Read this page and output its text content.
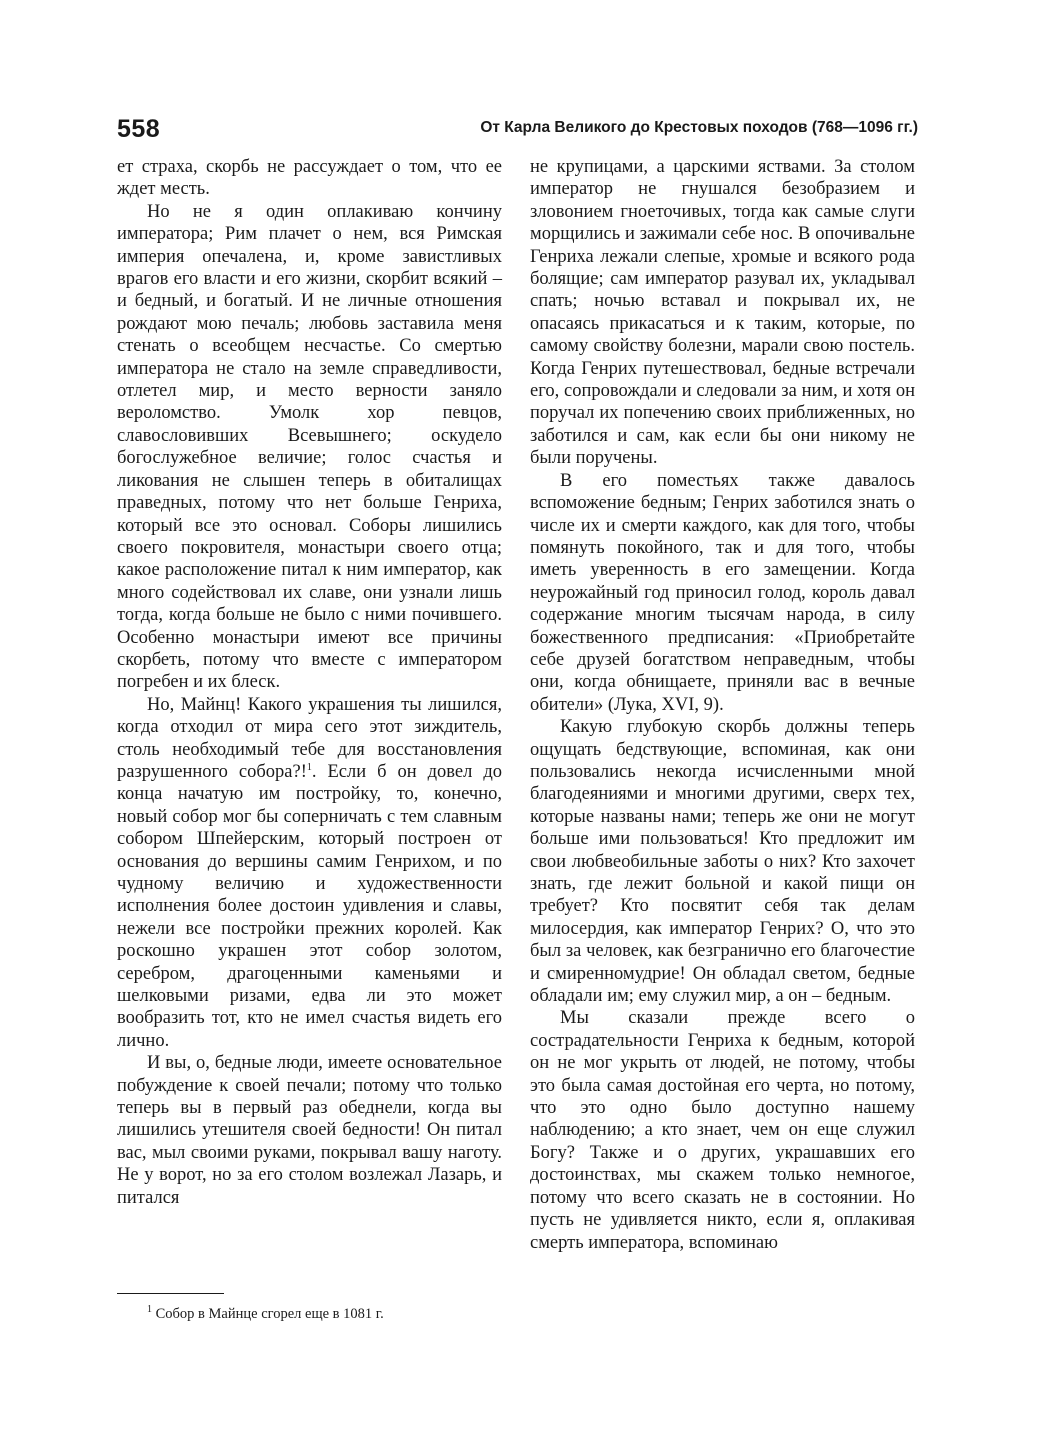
558	От Карла Великого до Крестовых походов (768—1096 гг.)

ет страха, скорбь не рассуждает о том, что ее ждет месть.

Но не я один оплакиваю кончину императора; Рим плачет о нем, вся Римская империя опечалена, и, кроме завистливых врагов его власти и его жизни, скорбит всякий – и бедный, и богатый. И не личные отношения рождают мою печаль; любовь заставила меня стенать о всеобщем несчастье. Со смертью императора не стало на земле справедливости, отлетел мир, и место верности заняло вероломство. Умолк хор певцов, славословивших Всевышнего; оскудело богослужебное величие; голос счастья и ликования не слышен теперь в обиталищах праведных, потому что нет больше Генриха, который все это основал. Соборы лишились своего покровителя, монастыри своего отца; какое расположение питал к ним император, как много содействовал их славе, они узнали лишь тогда, когда больше не было с ними почившего. Особенно монастыри имеют все причины скорбеть, потому что вместе с императором погребен и их блеск.

Но, Майнц! Какого украшения ты лишился, когда отходил от мира сего этот зиждитель, столь необходимый тебе для восстановления разрушенного собора?!$^1$. Если б он довел до конца начатую им постройку, то, конечно, новый собор мог бы соперничать с тем славным собором Шпейерским, который построен от основания до вершины самим Генрихом, и по чудному величию и художественности исполнения более достоин удивления и славы, нежели все постройки прежних королей. Как роскошно украшен этот собор золотом, серебром, драгоценными каменьями и шелковыми ризами, едва ли это может вообразить тот, кто не имел счастья видеть его лично.

И вы, о, бедные люди, имеете основательное побуждение к своей печали; потому что только теперь вы в первый раз обеднели, когда вы лишились утешителя своей бедности! Он питал вас, мыл своими руками, покрывал вашу наготу. Не у ворот, но за его столом возлежал Лазарь, и питался

не крупицами, а царскими яствами. За столом император не гнушался безобразием и зловонием гноеточивых, тогда как самые слуги морщились и зажимали себе нос. В опочивальне Генриха лежали слепые, хромые и всякого рода болящие; сам император разувал их, укладывал спать; ночью вставал и покрывал их, не опасаясь прикасаться и к таким, которые, по самому свойству болезни, марали свою постель. Когда Генрих путешествовал, бедные встречали его, сопровождали и следовали за ним, и хотя он поручал их попечению своих приближенных, но заботился и сам, как если бы они никому не были поручены.

В его поместьях также давалось вспоможение бедным; Генрих заботился знать о числе их и смерти каждого, как для того, чтобы помянуть покойного, так и для того, чтобы иметь уверенность в его замещении. Когда неурожайный год приносил голод, король давал содержание многим тысячам народа, в силу божественного предписания: «Приобретайте себе друзей богатством неправедным, чтобы они, когда обнищаете, приняли вас в вечные обители» (Лука, XVI, 9).

Какую глубокую скорбь должны теперь ощущать бедствующие, вспоминая, как они пользовались некогда исчисленными мной благодеяниями и многими другими, сверх тех, которые названы нами; теперь же они не могут больше ими пользоваться! Кто предложит им свои любвеобильные заботы о них? Кто захочет знать, где лежит больной и какой пищи он требует? Кто посвятит себя так делам милосердия, как император Генрих? О, что это был за человек, как безгранично его благочестие и смиренномудрие! Он обладал светом, бедные обладали им; ему служил мир, а он – бедным.

Мы сказали прежде всего о сострадательности Генриха к бедным, которой он не мог укрыть от людей, не потому, чтобы это была самая достойная его черта, но потому, что это одно было доступно нашему наблюдению; а кто знает, чем он еще служил Богу? Также и о других, украшавших его достоинствах, мы скажем только немногое, потому что всего сказать не в состоянии. Но пусть не удивляется никто, если я, оплакивая смерть императора, вспоминаю

$^1$ Собор в Майнце сгорел еще в 1081 г.
